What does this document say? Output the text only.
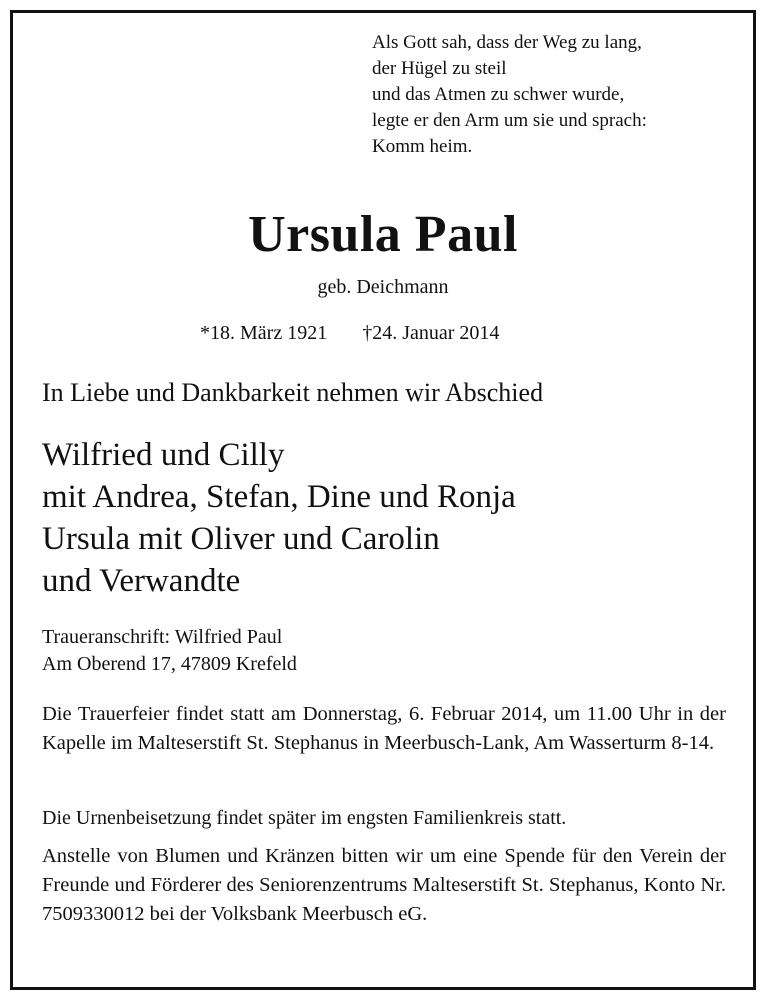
Als Gott sah, dass der Weg zu lang,
der Hügel zu steil
und das Atmen zu schwer wurde,
legte er den Arm um sie und sprach:
Komm heim.
Ursula Paul
geb. Deichmann
*18. März 1921 †24. Januar 2014
In Liebe und Dankbarkeit nehmen wir Abschied
Wilfried und Cilly
mit Andrea, Stefan, Dine und Ronja
Ursula mit Oliver und Carolin
und Verwandte
Traueranschrift: Wilfried Paul
Am Oberend 17, 47809 Krefeld

Die Trauerfeier findet statt am Donnerstag, 6. Februar 2014, um 11.00 Uhr in der Kapelle im Malteserstift St. Stephanus in Meerbusch-Lank, Am Wasserturm 8-14.

Die Urnenbeisetzung findet später im engsten Familienkreis statt.

Anstelle von Blumen und Kränzen bitten wir um eine Spende für den Verein der Freunde und Förderer des Seniorenzentrums Malteserstift St. Stephanus, Konto Nr. 7509330012 bei der Volksbank Meerbusch eG.
